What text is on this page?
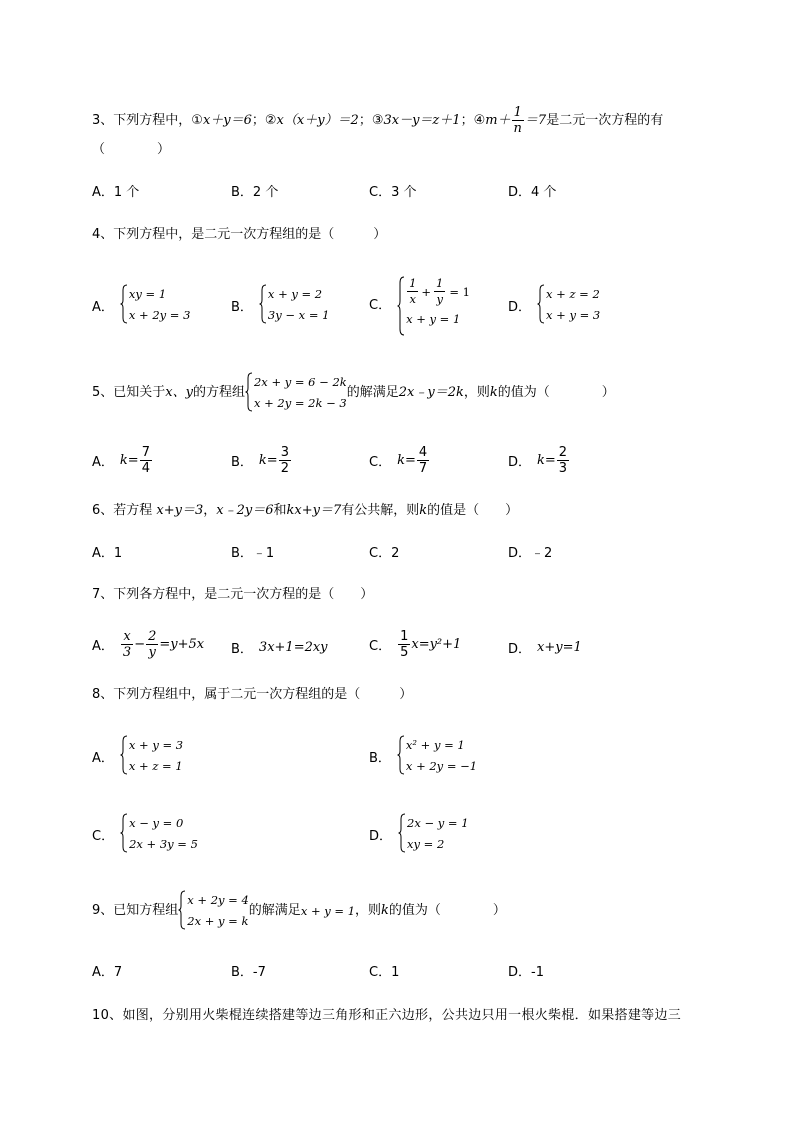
3、下列方程中，① x＋y＝6 ；② x（x＋y）＝2 ；③ 3x－y＝z＋1 ；④ $m+ \frac{1}{n} =7$ 是二元一次方程的有
（　　　　）
A．1 个	B．2 个	C．3 个	D．4 个
4、下列方程中，是二元一次方程组的是（　　　）
A．
xy = 1
x + 2y = 3
B．
x + y = 2
3y − x = 1
C． $\frac{1}{x} + \frac{1}{y} = 1$
x + y = 1
D．
x + z = 2
x + y = 3
5、已知关于 x、y 的方程组
2x + y = 6 − 2k
x + 2y = 2k − 3
的解满足 2x﹣y＝2k ，则 k 的值为（　　　　）
A． $k= \frac{7}{4}$	B． $k= \frac{3}{2}$	C． $k= \frac{4}{7}$	D． $k= \frac{2}{3}$
6、若方程 x+y＝3，x﹣2y＝6和kx+y＝7有公共解，则k的值是（　　）
A．1	B．﹣1	C．2	D．﹣2
7、下列各方程中，是二元一次方程的是（　　）
A． $\frac{x}{3} - \frac{2}{y} =y+5x$ B． 3x+1=2xy	C． $\frac{1}{5} x=y^2+1$	D． x+y=1
8、下列方程组中，属于二元一次方程组的是（　　　）
A．
x + y = 3
x + z = 1
B．
x² + y = 1
x + 2y = −1
C．
x − y = 0
2x + 3y = 5
D．
2x − y = 1
xy = 2
9、已知方程组
x + 2y = 4
2x + y = k
的解满足 x + y = 1 ，则 k 的值为（　　　　）
A．7	B．-7	C．1	D．-1
10、如图，分别用火柴棍连续搭建等边三角形和正六边形，公共边只用一根火柴棍．如果搭建等边三
